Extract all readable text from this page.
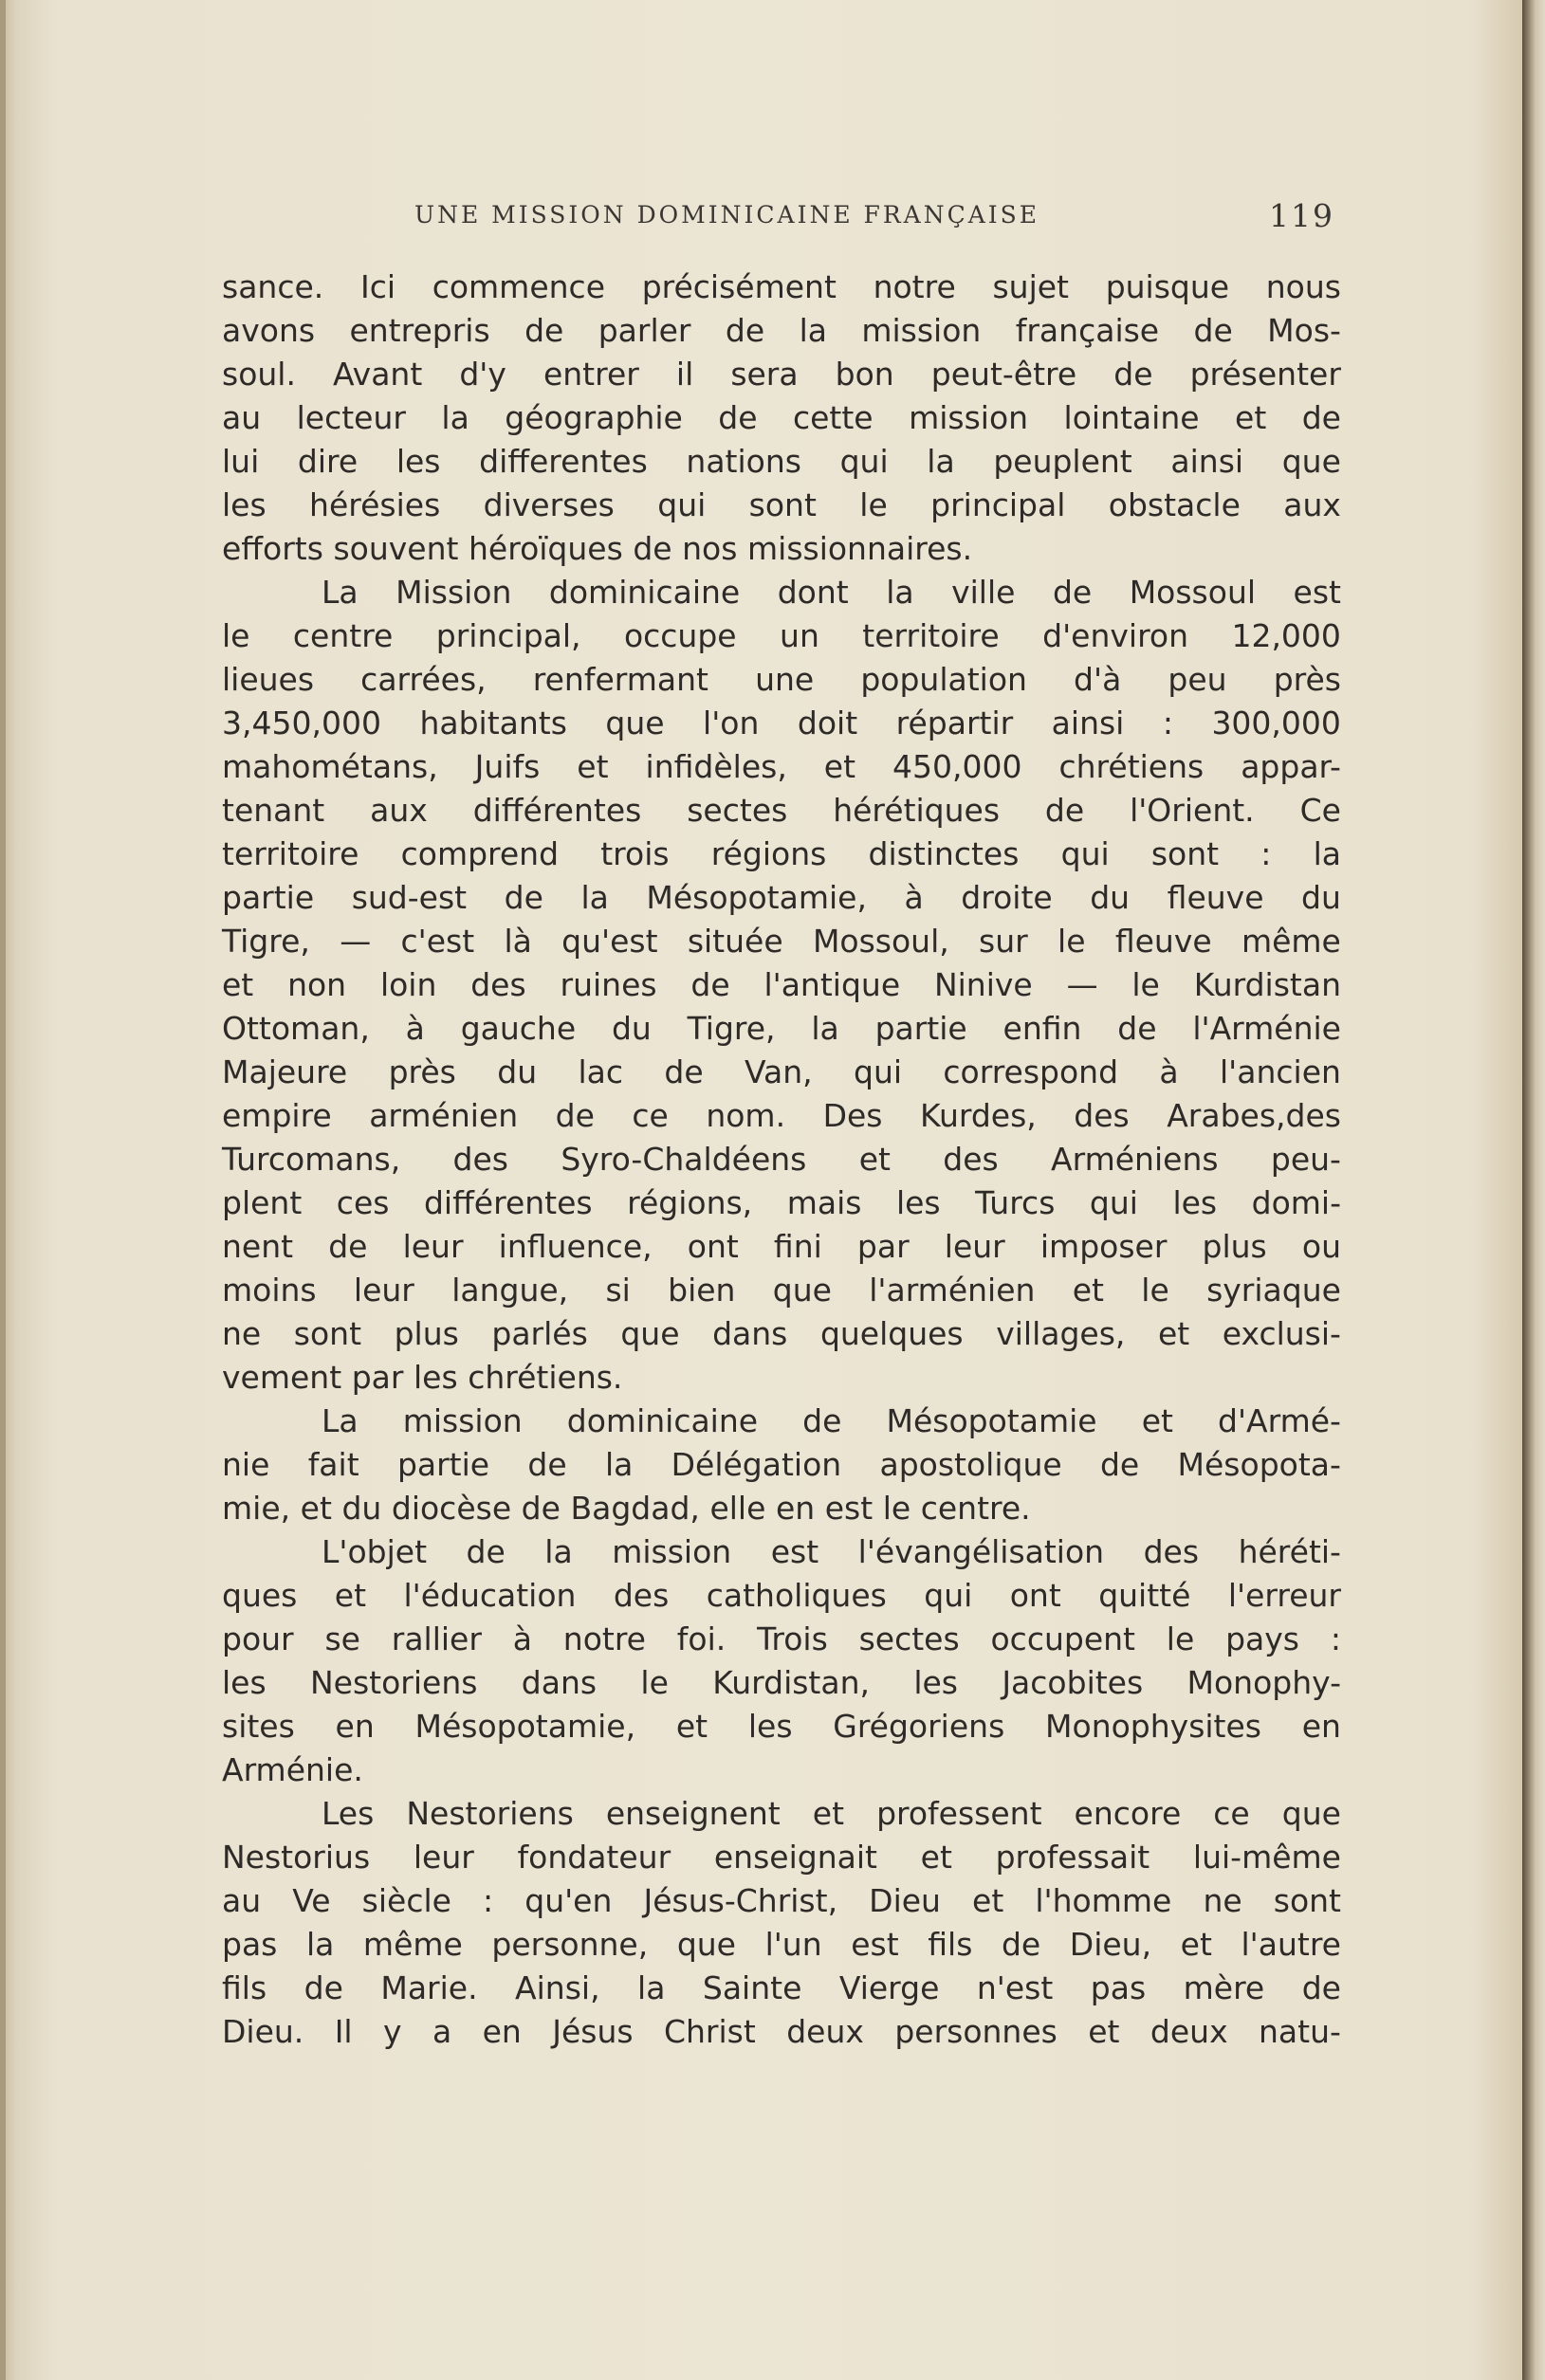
UNE MISSION DOMINICAINE FRANÇAISE	119
sance. Ici commence précisément notre sujet puisque nous
avons entrepris de parler de la mission française de Mos-
soul. Avant d'y entrer il sera bon peut-être de présenter
au lecteur la géographie de cette mission lointaine et de
lui dire les differentes nations qui la peuplent ainsi que
les hérésies diverses qui sont le principal obstacle aux
efforts souvent héroïques de nos missionnaires.
La Mission dominicaine dont la ville de Mossoul est
le centre principal, occupe un territoire d'environ 12,000
lieues carrées, renfermant une population d'à peu près
3,450,000 habitants que l'on doit répartir ainsi : 300,000
mahométans, Juifs et infidèles, et 450,000 chrétiens appar-
tenant aux différentes sectes hérétiques de l'Orient. Ce
territoire comprend trois régions distinctes qui sont : la
partie sud-est de la Mésopotamie, à droite du fleuve du
Tigre, — c'est là qu'est située Mossoul, sur le fleuve même
et non loin des ruines de l'antique Ninive — le Kurdistan
Ottoman, à gauche du Tigre, la partie enfin de l'Arménie
Majeure près du lac de Van, qui correspond à l'ancien
empire arménien de ce nom. Des Kurdes, des Arabes,des
Turcomans, des Syro-Chaldéens et des Arméniens peu-
plent ces différentes régions, mais les Turcs qui les domi-
nent de leur influence, ont fini par leur imposer plus ou
moins leur langue, si bien que l'arménien et le syriaque
ne sont plus parlés que dans quelques villages, et exclusi-
vement par les chrétiens.
La mission dominicaine de Mésopotamie et d'Armé-
nie fait partie de la Délégation apostolique de Mésopota-
mie, et du diocèse de Bagdad, elle en est le centre.
L'objet de la mission est l'évangélisation des héréti-
ques et l'éducation des catholiques qui ont quitté l'erreur
pour se rallier à notre foi. Trois sectes occupent le pays :
les Nestoriens dans le Kurdistan, les Jacobites Monophy-
sites en Mésopotamie, et les Grégoriens Monophysites en
Arménie.
Les Nestoriens enseignent et professent encore ce que
Nestorius leur fondateur enseignait et professait lui-même
au Ve siècle : qu'en Jésus-Christ, Dieu et l'homme ne sont
pas la même personne, que l'un est fils de Dieu, et l'autre
fils de Marie. Ainsi, la Sainte Vierge n'est pas mère de
Dieu. Il y a en Jésus Christ deux personnes et deux natu-
